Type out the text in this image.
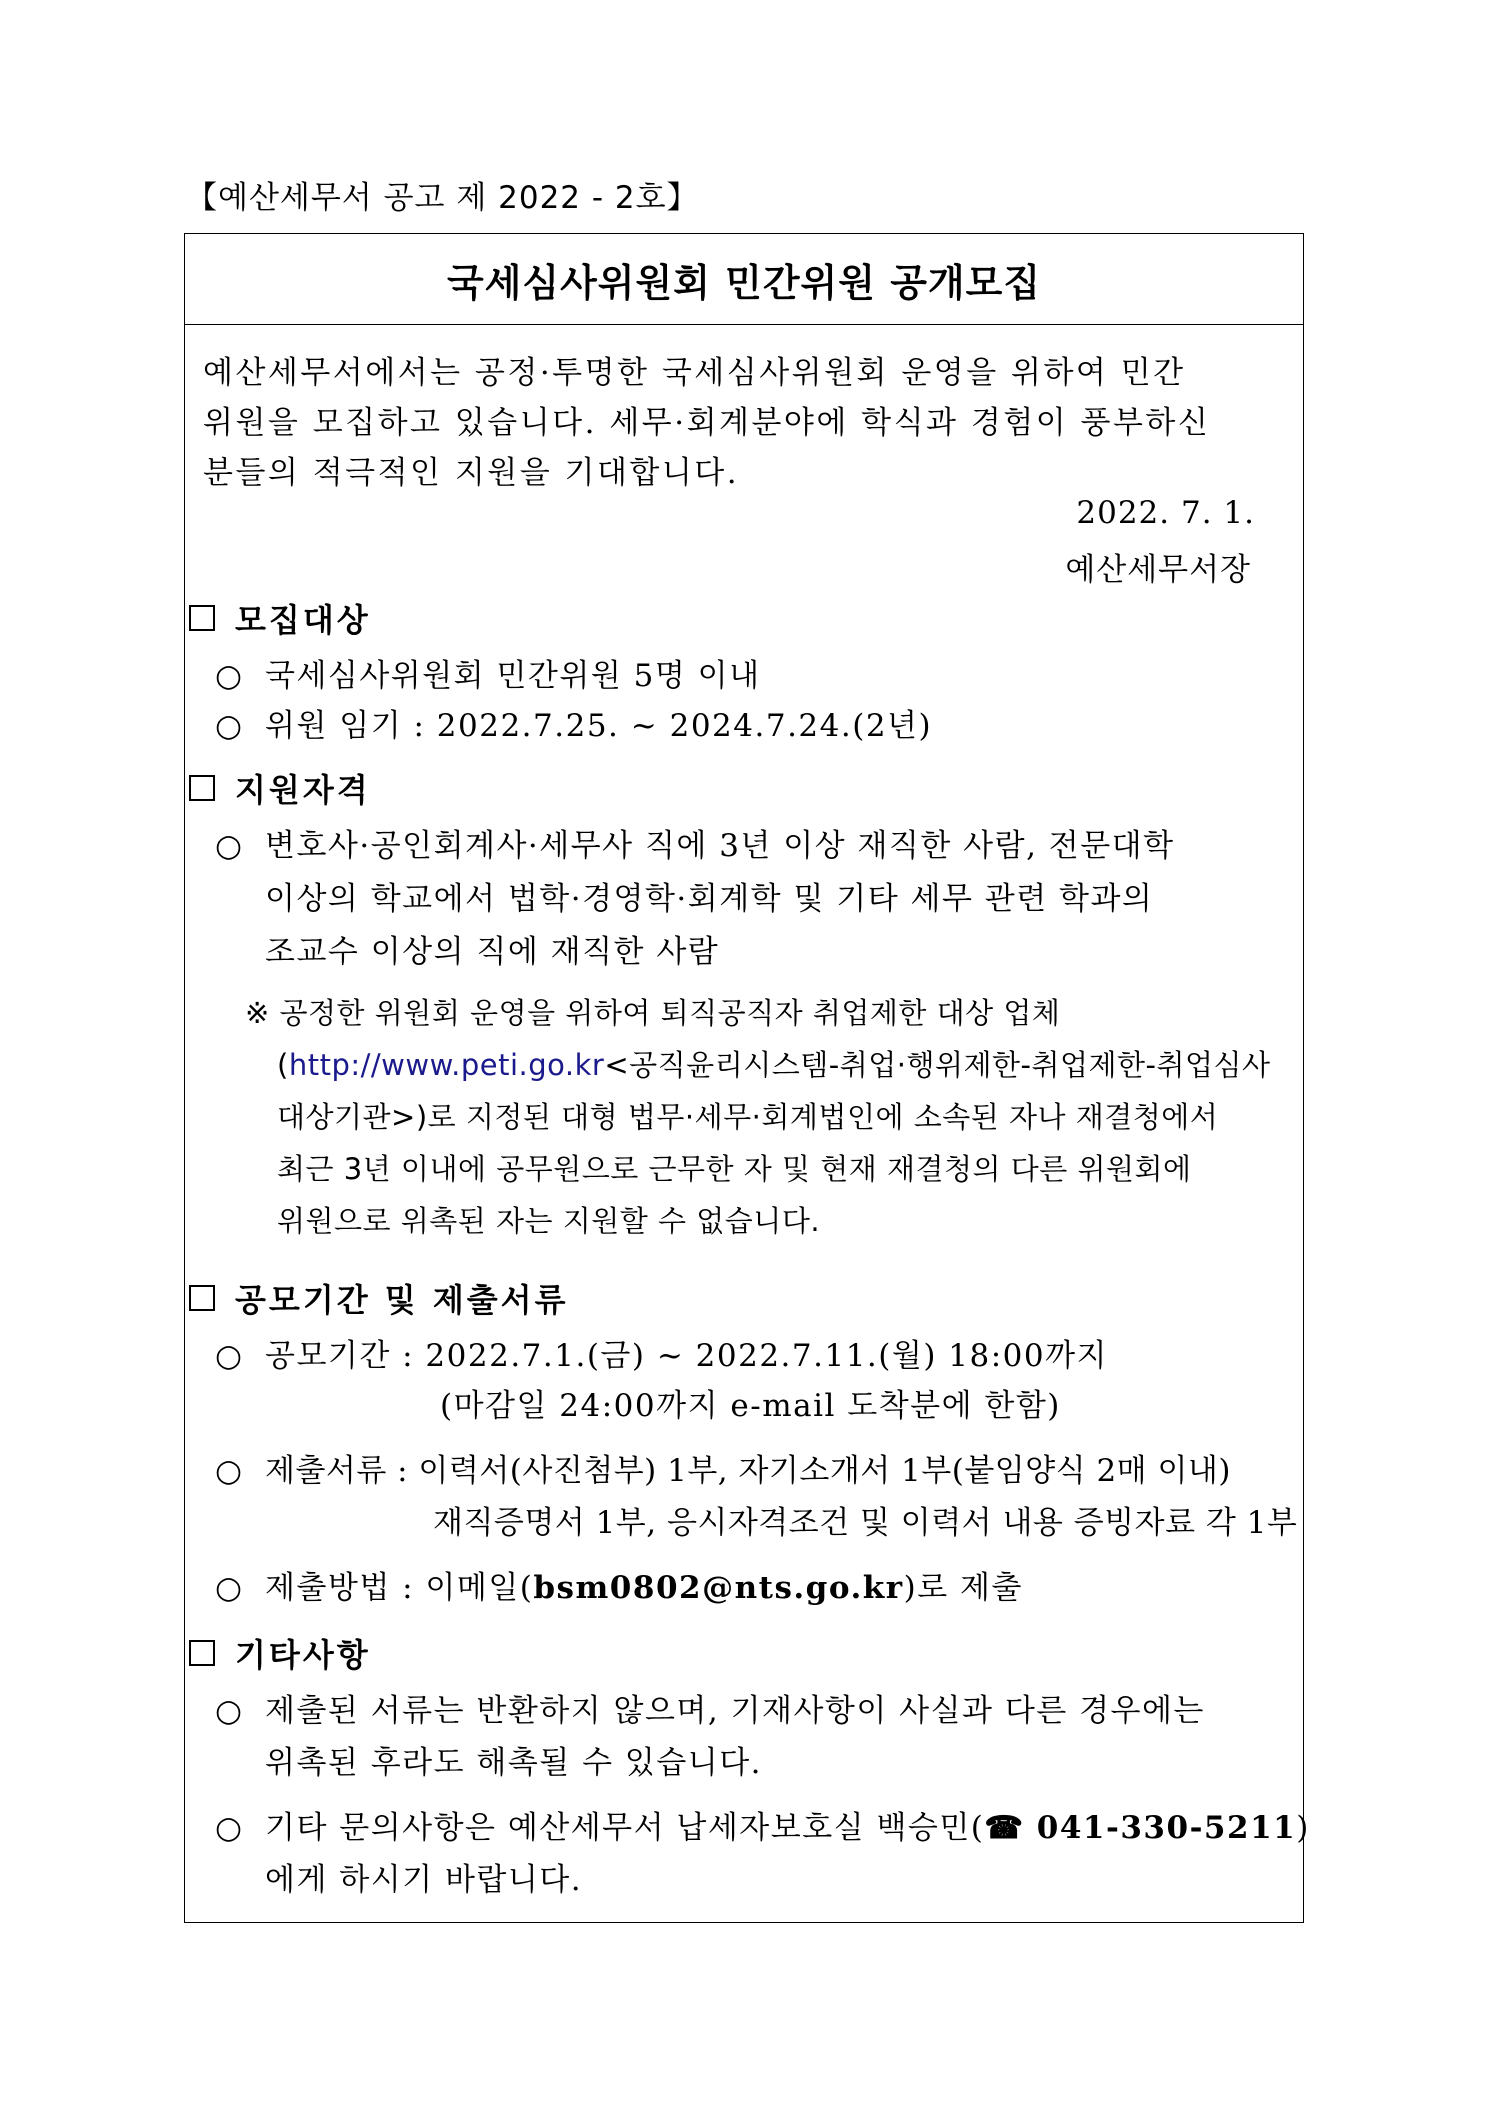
【예산세무서 공고 제 2022 - 2호】
국세심사위원회 민간위원 공개모집
예산세무서에서는 공정·투명한 국세심사위원회 운영을 위하여 민간
위원을 모집하고 있습니다. 세무·회계분야에 학식과 경험이 풍부하신
분들의 적극적인 지원을 기대합니다.
2022. 7. 1.
예산세무서장
모집대상
○ 국세심사위원회 민간위원 5명 이내
○ 위원 임기 : 2022.7.25. ~ 2024.7.24.(2년)
지원자격
○ 변호사·공인회계사·세무사 직에 3년 이상 재직한 사람, 전문대학
이상의 학교에서 법학·경영학·회계학 및 기타 세무 관련 학과의
조교수 이상의 직에 재직한 사람
※ 공정한 위원회 운영을 위하여 퇴직공직자 취업제한 대상 업체
(http://www.peti.go.kr<공직윤리시스템-취업·행위제한-취업제한-취업심사
대상기관>)로 지정된 대형 법무·세무·회계법인에 소속된 자나 재결청에서
최근 3년 이내에 공무원으로 근무한 자 및 현재 재결청의 다른 위원회에
위원으로 위촉된 자는 지원할 수 없습니다.
공모기간 및 제출서류
○ 공모기간 : 2022.7.1.(금) ~ 2022.7.11.(월) 18:00까지
(마감일 24:00까지 e-mail 도착분에 한함)
○ 제출서류 : 이력서(사진첨부) 1부, 자기소개서 1부(붙임양식 2매 이내)
재직증명서 1부, 응시자격조건 및 이력서 내용 증빙자료 각 1부
○ 제출방법 : 이메일(bsm0802@nts.go.kr)로 제출
기타사항
○ 제출된 서류는 반환하지 않으며, 기재사항이 사실과 다른 경우에는
위촉된 후라도 해촉될 수 있습니다.
○ 기타 문의사항은 예산세무서 납세자보호실 백승민(☎ 041-330-5211)
에게 하시기 바랍니다.
